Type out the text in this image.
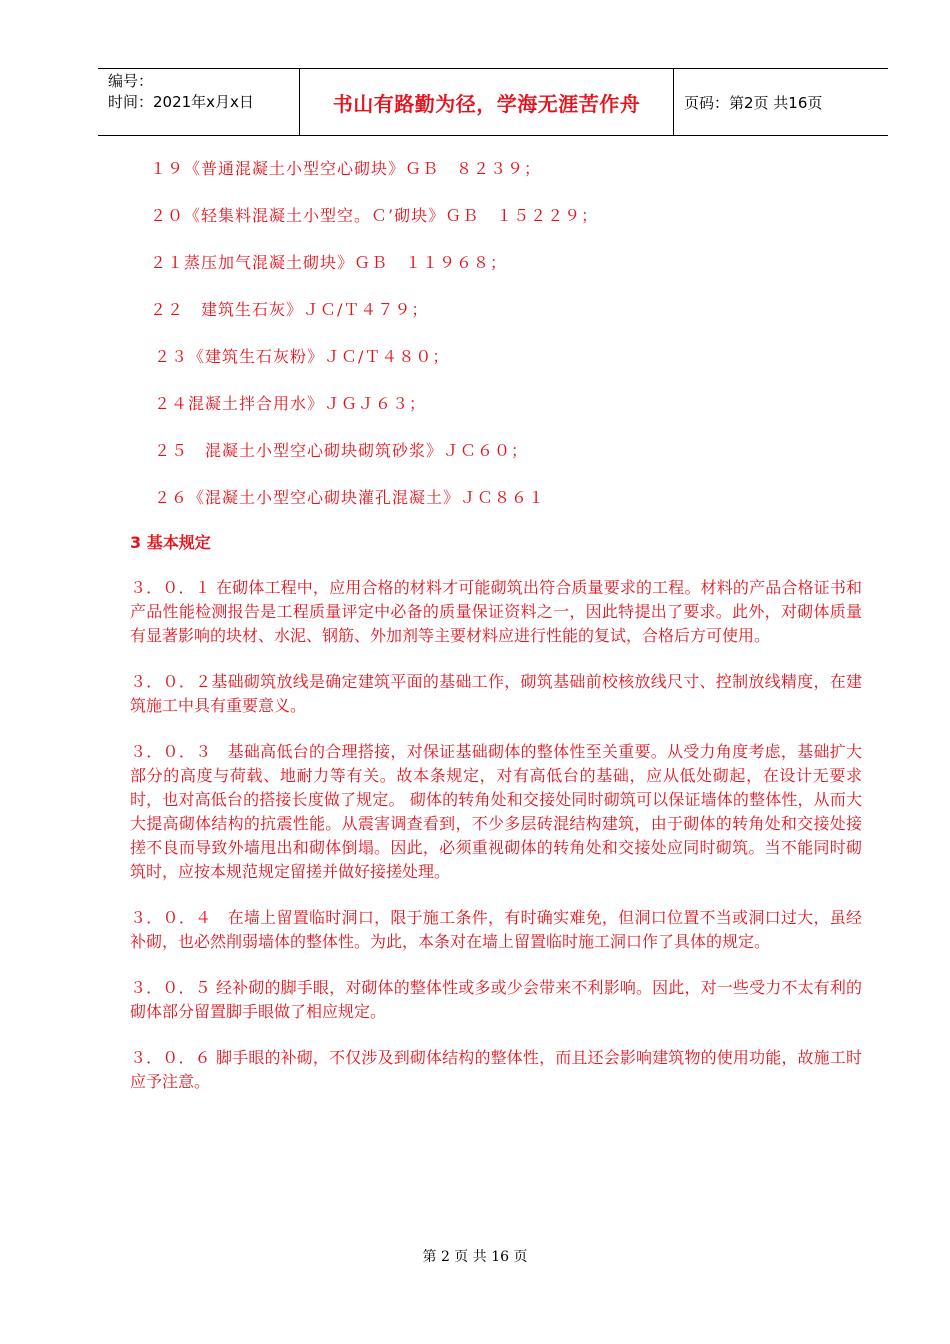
编号：
时间：2021年x月x日	书山有路勤为径，学海无涯苦作舟	页码：第2页 共16页
１９《普通混凝土小型空心砌块》ＧＢ　８２３９；
２０《轻集料混凝土小型空。Ｃ’砌块》ＧＢ　１５２２９；
２１蒸压加气混凝土砌块》ＧＢ　１１９６８；
２２　建筑生石灰》ＪＣ/Ｔ４７９；
２３《建筑生石灰粉》ＪＣ/Ｔ４８０；
２４混凝土拌合用水》ＪＧＪ６３；
２５　混凝土小型空心砌块砌筑砂浆》ＪＣ６０；
２６《混凝土小型空心砌块灌孔混凝土》ＪＣ８６１
3 基本规定
３．０．１ 在砌体工程中，应用合格的材料才可能砌筑出符合质量要求的工程。材料的产品合格证书和产品性能检测报告是工程质量评定中必备的质量保证资料之一，因此特提出了要求。此外，对砌体质量有显著影响的块材、水泥、钢筋、外加剂等主要材料应进行性能的复试，合格后方可使用。
３．０．２基础砌筑放线是确定建筑平面的基础工作，砌筑基础前校核放线尺寸、控制放线精度，在建筑施工中具有重要意义。
３．０．３　基础高低台的合理搭接，对保证基础砌体的整体性至关重要。从受力角度考虑，基础扩大部分的高度与荷载、地耐力等有关。故本条规定，对有高低台的基础，应从低处砌起，在设计无要求时，也对高低台的搭接长度做了规定。 砌体的转角处和交接处同时砌筑可以保证墙体的整体性，从而大大提高砌体结构的抗震性能。从震害调查看到，不少多层砖混结构建筑，由于砌体的转角处和交接处接搓不良而导致外墙甩出和砌体倒塌。因此，必须重视砌体的转角处和交接处应同时砌筑。当不能同时砌筑时，应按本规范规定留搓并做好接搓处理。
３．０．４　在墙上留置临时洞口，限于施工条件，有时确实难免，但洞口位置不当或洞口过大，虽经补砌，也必然削弱墙体的整体性。为此，本条对在墙上留置临时施工洞口作了具体的规定。
３．０．５ 经补砌的脚手眼，对砌体的整体性或多或少会带来不利影响。因此，对一些受力不太有利的砌体部分留置脚手眼做了相应规定。
３．０．６ 脚手眼的补砌，不仅涉及到砌体结构的整体性，而且还会影响建筑物的使用功能，故施工时应予注意。
第 2 页 共 16 页
